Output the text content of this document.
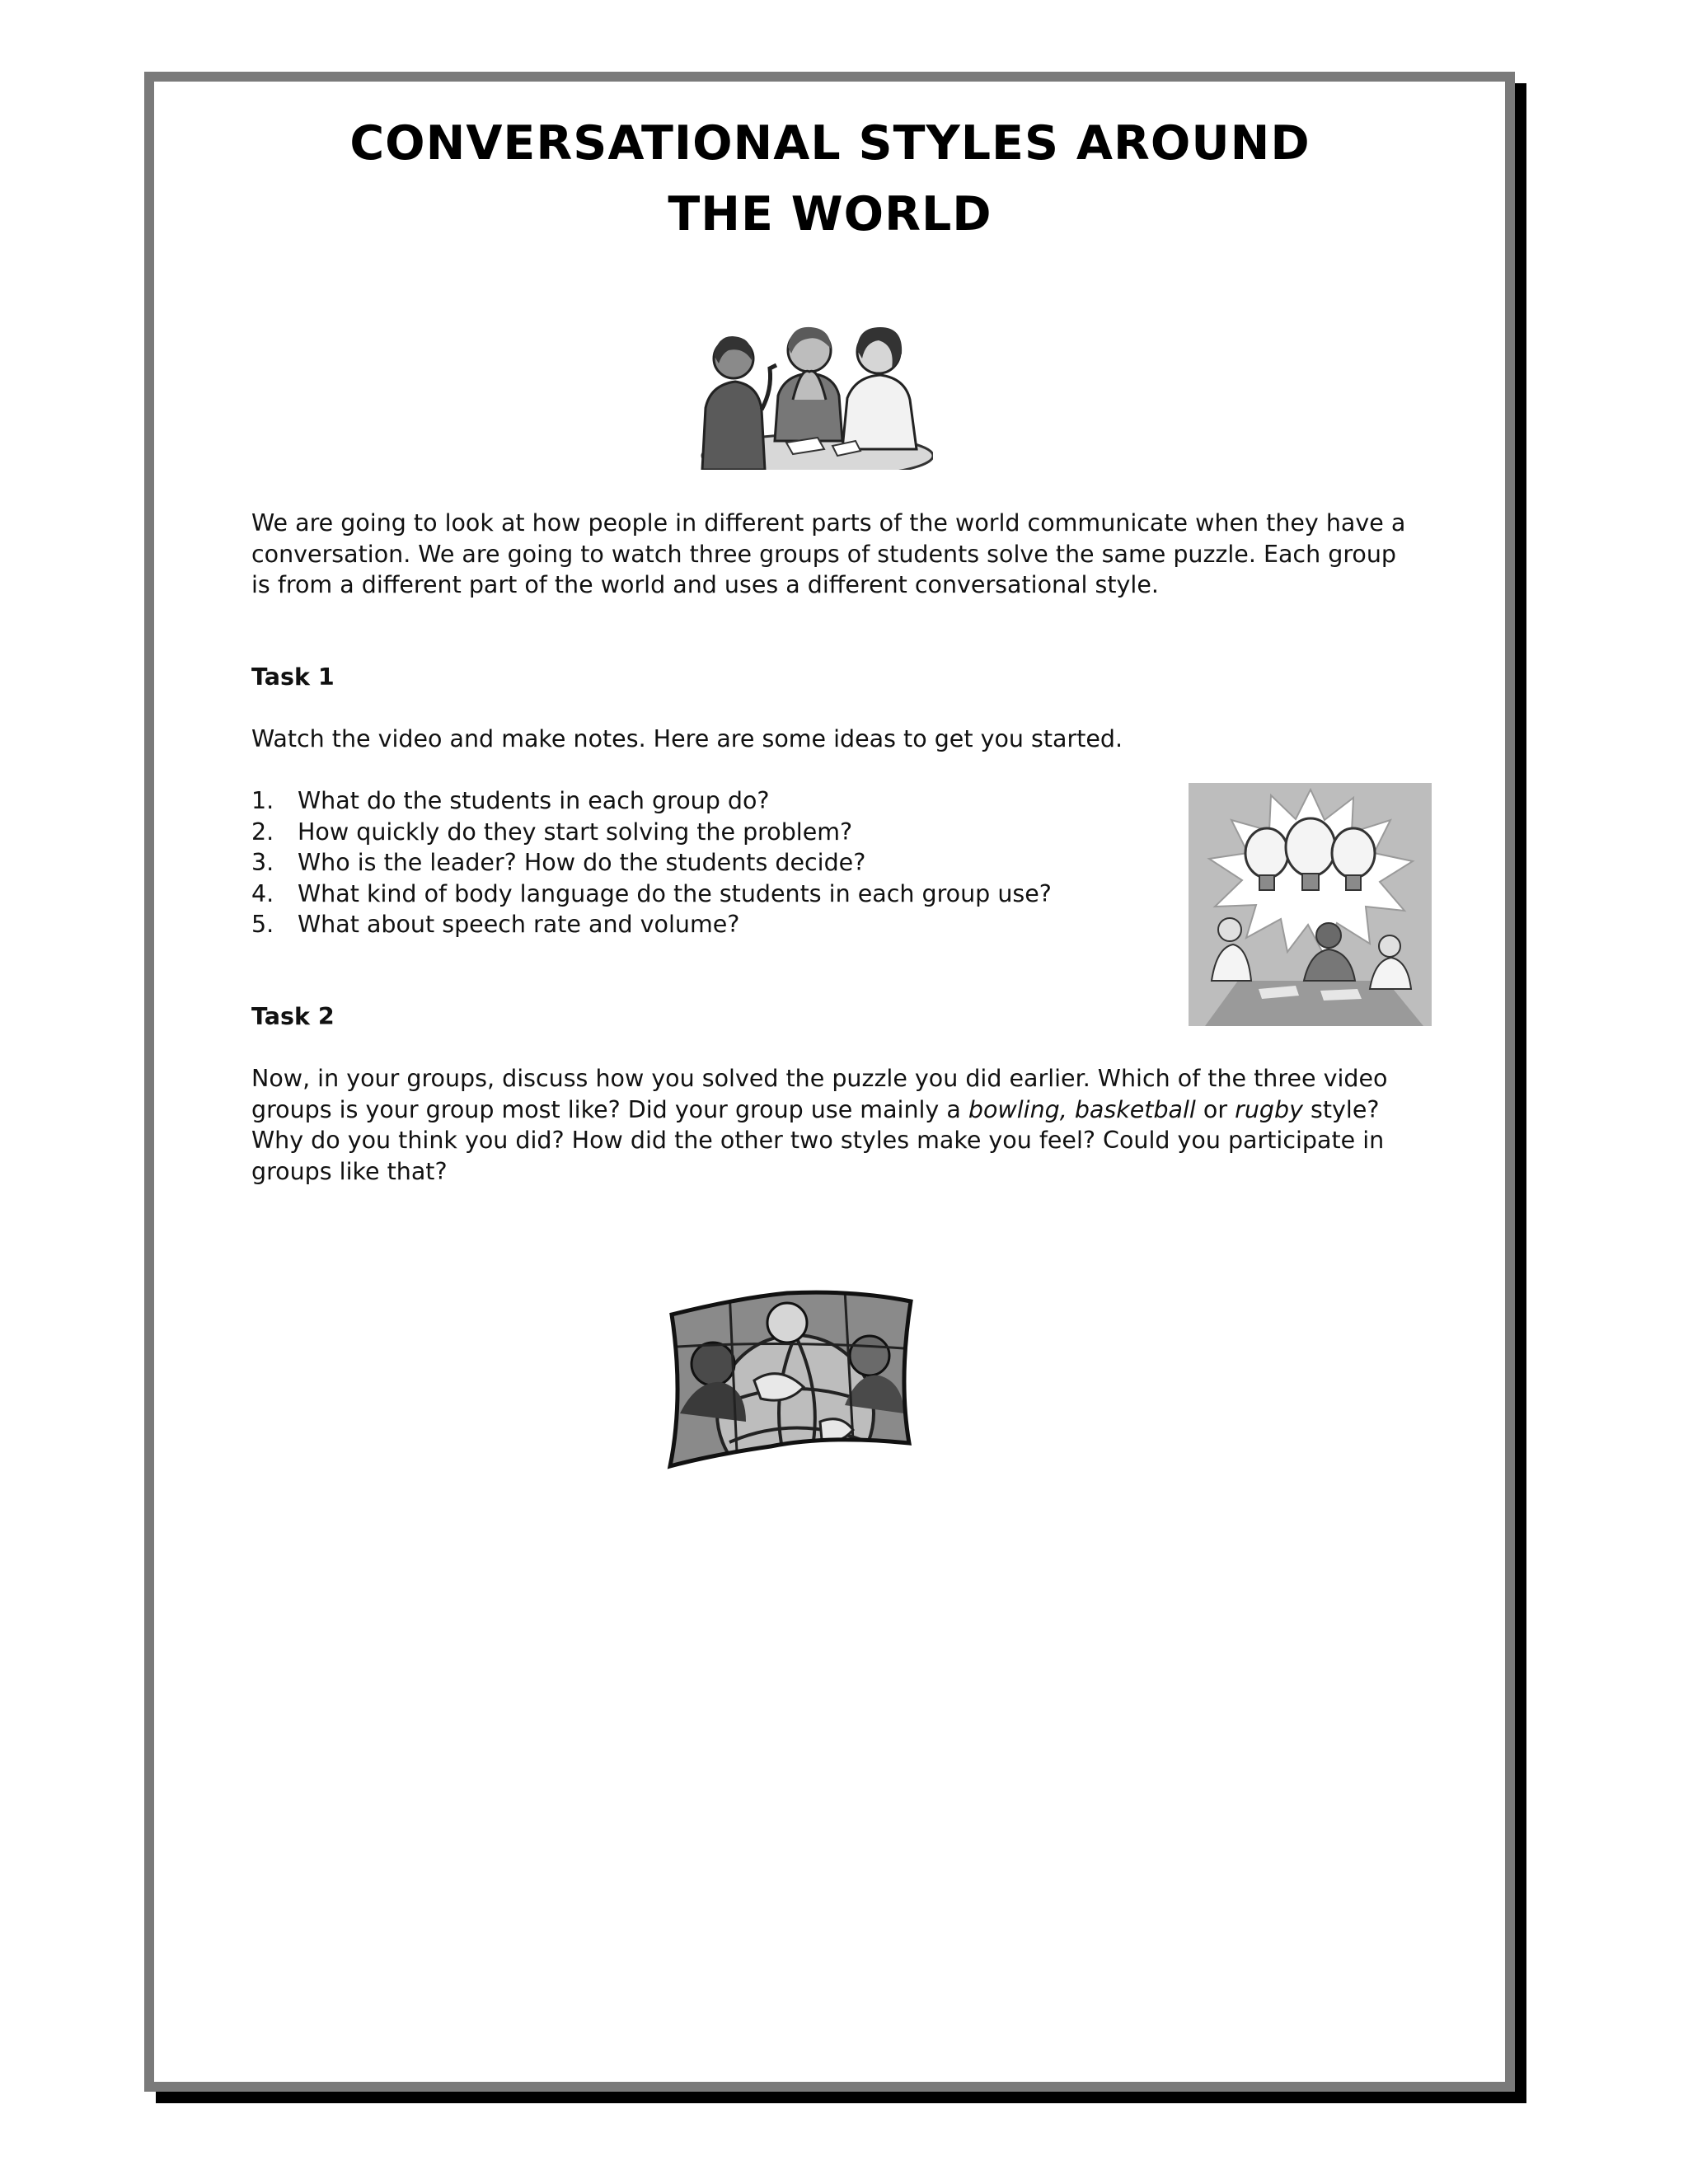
CONVERSATIONAL STYLES AROUND
THE WORLD

We are going to look at how people in different parts of the world communicate when they have a conversation. We are going to watch three groups of students solve the same puzzle. Each group is from a different part of the world and uses a different conversational style.

Task 1

Watch the video and make notes. Here are some ideas to get you started.

1.	What do the students in each group do?
2.	How quickly do they start solving the problem?
3.	Who is the leader? How do the students decide?
4.	What kind of body language do the students in each group use?
5.	What about speech rate and volume?

Task 2

Now, in your groups, discuss how you solved the puzzle you did earlier. Which of the three video groups is your group most like? Did your group use mainly a bowling, basketball or rugby style? Why do you think you did? How did the other two styles make you feel? Could you participate in groups like that?
